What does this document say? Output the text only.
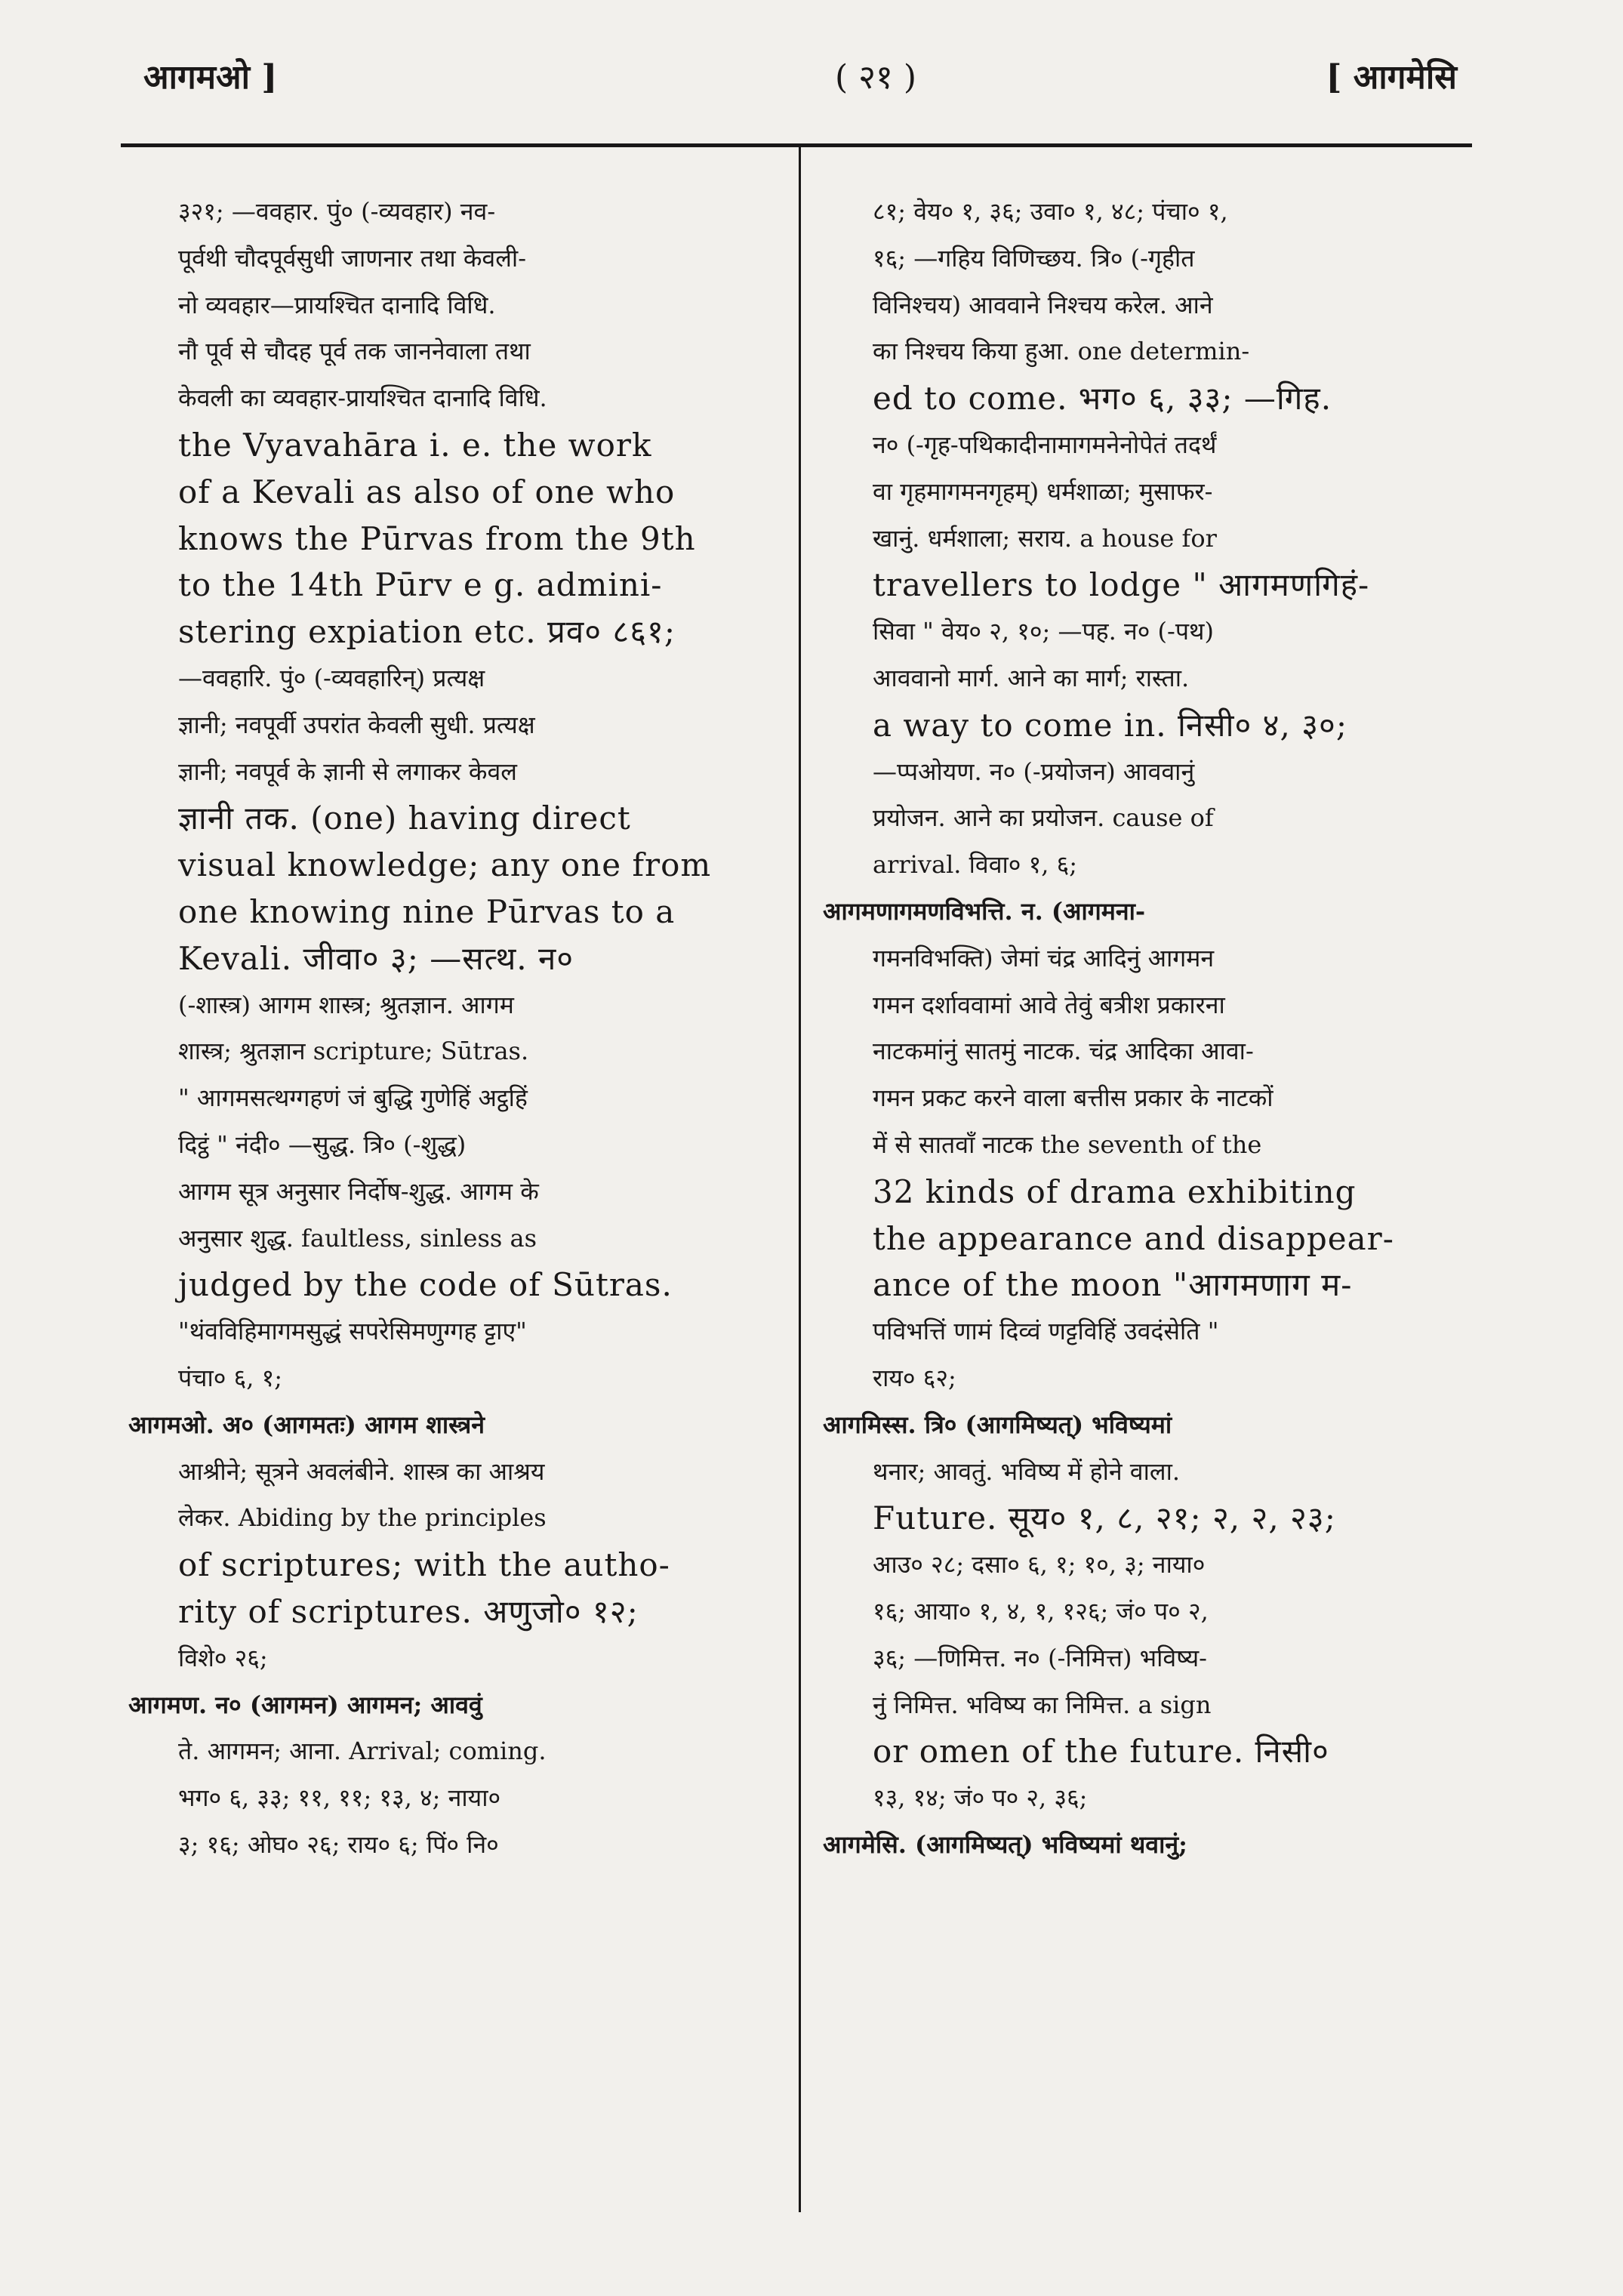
आगमओ ]	( २१ )	[ आगमेसि
३२१; —ववहार. पुं० (-व्यवहार) नव-
पूर्वथी चौदपूर्वसुधी जाणनार तथा केवली-
नो व्यवहार—प्रायश्चित दानादि विधि.
नौ पूर्व से चौदह पूर्व तक जाननेवाला तथा
केवली का व्यवहार-प्रायश्चित दानादि विधि.
the Vyavahāra i. e. the work
of a Kevali as also of one who
knows the Pūrvas from the 9th
to the 14th Pūrv e g. admini-
stering expiation etc. प्रव० ८६१;
—ववहारि. पुं० (-व्यवहारिन्) प्रत्यक्ष
ज्ञानी; नवपूर्वी उपरांत केवली सुधी. प्रत्यक्ष
ज्ञानी; नवपूर्व के ज्ञानी से लगाकर केवल
ज्ञानी तक. (one) having direct
visual knowledge; any one from
one knowing nine Pūrvas to a
Kevali. जीवा० ३; —सत्थ. न०
(-शास्त्र) आगम शास्त्र; श्रुतज्ञान. आगम
शास्त्र; श्रुतज्ञान scripture; Sūtras.
" आगमसत्थग्गहणं जं बुद्धि गुणेहिं अट्ठहिं
दिट्ठं " नंदी० —सुद्ध. त्रि० (-शुद्ध)
आगम सूत्र अनुसार निर्दोष-शुद्ध. आगम के
अनुसार शुद्ध. faultless, sinless as
judged by the code of Sūtras.
"थंवविहिमागमसुद्धं सपरेसिमणुग्गह ट्टाए"
पंचा० ६, १;
आगमओ. अ० (आगमतः) आगम शास्त्रने
आश्रीने; सूत्रने अवलंबीने. शास्त्र का आश्रय
लेकर. Abiding by the principles
of scriptures; with the autho-
rity of scriptures. अणुजो० १२;
विशे० २६;
आगमण. न० (आगमन) आगमन; आववुं
ते. आगमन; आना. Arrival; coming.
भग० ६, ३३; ११, ११; १३, ४; नाया०
३; १६; ओघ० २६; राय० ६; पिं० नि०
८१; वेय० १, ३६; उवा० १, ४८; पंचा० १,
१६; —गहिय विणिच्छय. त्रि० (-गृहीत
विनिश्चय) आववाने निश्चय करेल. आने
का निश्चय किया हुआ. one determin-
ed to come. भग० ६, ३३; —गिह.
न० (-गृह-पथिकादीनामागमनेनोपेतं तदर्थं
वा गृहमागमनगृहम्) धर्मशाळा; मुसाफर-
खानुं. धर्मशाला; सराय. a house for
travellers to lodge " आगमणगिहं-
सिवा " वेय० २, १०; —पह. न० (-पथ)
आववानो मार्ग. आने का मार्ग; रास्ता.
a way to come in. निसी० ४, ३०;
—प्पओयण. न० (-प्रयोजन) आववानुं
प्रयोजन. आने का प्रयोजन. cause of
arrival. विवा० १, ६;
आगमणागमणविभत्ति. न. (आगमना-
गमनविभक्ति) जेमां चंद्र आदिनुं आगमन
गमन दर्शाववामां आवे तेवुं बत्रीश प्रकारना
नाटकमांनुं सातमुं नाटक. चंद्र आदिका आवा-
गमन प्रकट करने वाला बत्तीस प्रकार के नाटकों
में से सातवाँ नाटक the seventh of the
32 kinds of drama exhibiting
the appearance and disappear-
ance of the moon "आगमणाग म-
पविभत्तिं णामं दिव्वं णट्टविहिं उवदंसेति "
राय० ६२;
आगमिस्स. त्रि० (आगमिष्यत्) भविष्यमां
थनार; आवतुं. भविष्य में होने वाला.
Future. सूय० १, ८, २१; २, २, २३;
आउ० २८; दसा० ६, १; १०, ३; नाया०
१६; आया० १, ४, १, १२६; जं० प० २,
३६; —णिमित्त. न० (-निमित्त) भविष्य-
नुं निमित्त. भविष्य का निमित्त. a sign
or omen of the future. निसी०
१३, १४; जं० प० २, ३६;
आगमेसि. (आगमिष्यत्) भविष्यमां थवानुं;
